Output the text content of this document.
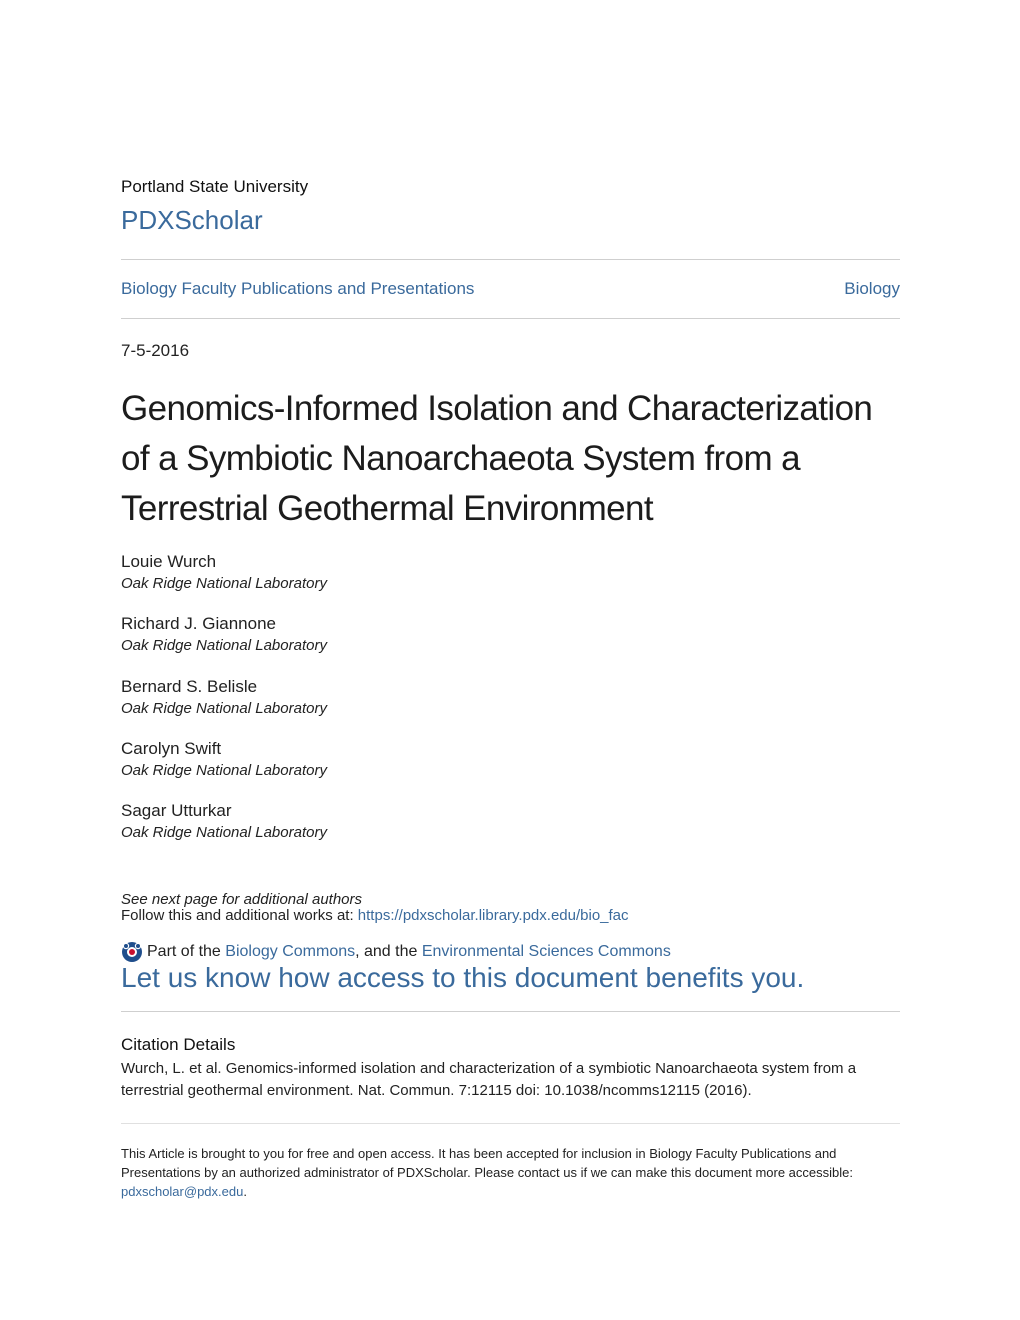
Portland State University

PDXScholar
Biology Faculty Publications and Presentations	Biology

7-5-2016

Genomics-Informed Isolation and Characterization of a Symbiotic Nanoarchaeota System from a Terrestrial Geothermal Environment
Louie Wurch
Oak Ridge National Laboratory
Richard J. Giannone
Oak Ridge National Laboratory
Bernard S. Belisle
Oak Ridge National Laboratory
Carolyn Swift
Oak Ridge National Laboratory
Sagar Utturkar
Oak Ridge National Laboratory

See next page for additional authors

Follow this and additional works at: https://pdxscholar.library.pdx.edu/bio_fac

Part of the
Biology Commons , and the Environmental Sciences Commons

Let us know how access to this document benefits you.

Citation Details

Wurch, L. et al. Genomics-informed isolation and characterization of a symbiotic Nanoarchaeota system from a terrestrial geothermal environment. Nat. Commun. 7:12115 doi: 10.1038/ncomms12115 (2016).

This Article is brought to you for free and open access. It has been accepted for inclusion in Biology Faculty Publications and Presentations by an authorized administrator of PDXScholar. Please contact us if we can make this document more accessible: pdxscholar@pdx.edu.
